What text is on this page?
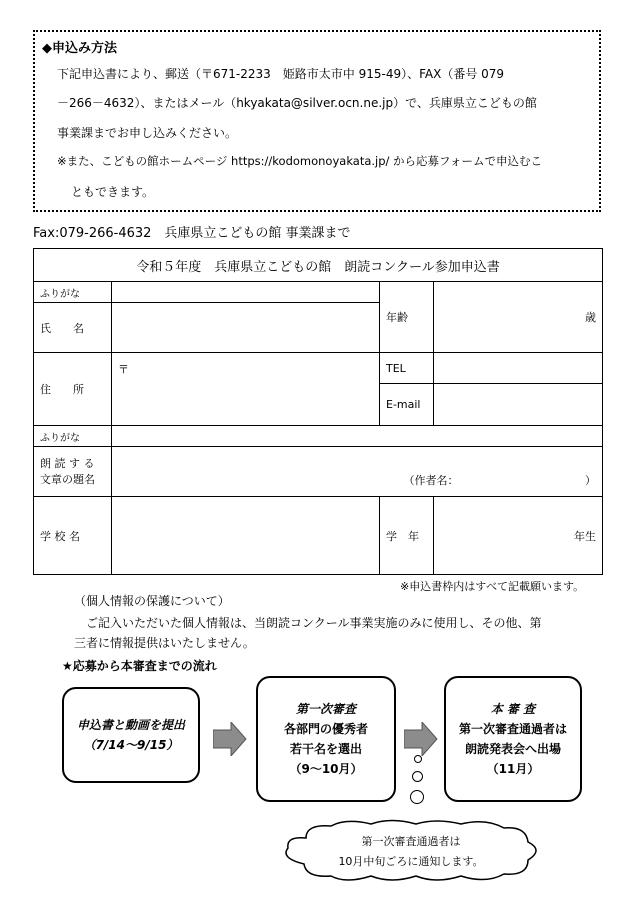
◆申込み方法
下記申込書により、郵送（〒671-2233　姫路市太市中 915-49）、FAX（番号 079
－266－4632）、またはメール（hkyakata@silver.ocn.ne.jp）で、兵庫県立こどもの館
事業課までお申し込みください。
※また、こどもの館ホームページ https://kodomonoyakata.jp/ から応募フォームで申込むこ
ともできます。
Fax:079-266-4632　兵庫県立こどもの館 事業課まで
令和５年度　兵庫県立こどもの館　朗読コンクール参加申込書			
ふりがな		年齢	歳
氏　　名			
住　　所	〒	TEL	
		E-mail	
ふりがな			
朗 読 す る
文章の題名	（作者名：　　　　　　　　　　　　）		
学 校 名		学　年	年生
※申込書枠内はすべて記載願います。
（個人情報の保護について）
ご記入いただいた個人情報は、当朗読コンクール事業実施のみに使用し、その他、第
三者に情報提供はいたしません。
★応募から本審査までの流れ
申込書と動画を提出
（7/14～9/15）
第一次審査
各部門の優秀者
若干名を選出
（9～10月）
本 審 査
第一次審査通過者は
朗読発表会へ出場
（11月）
第一次審査通過者は
10月中旬ごろに通知します。
